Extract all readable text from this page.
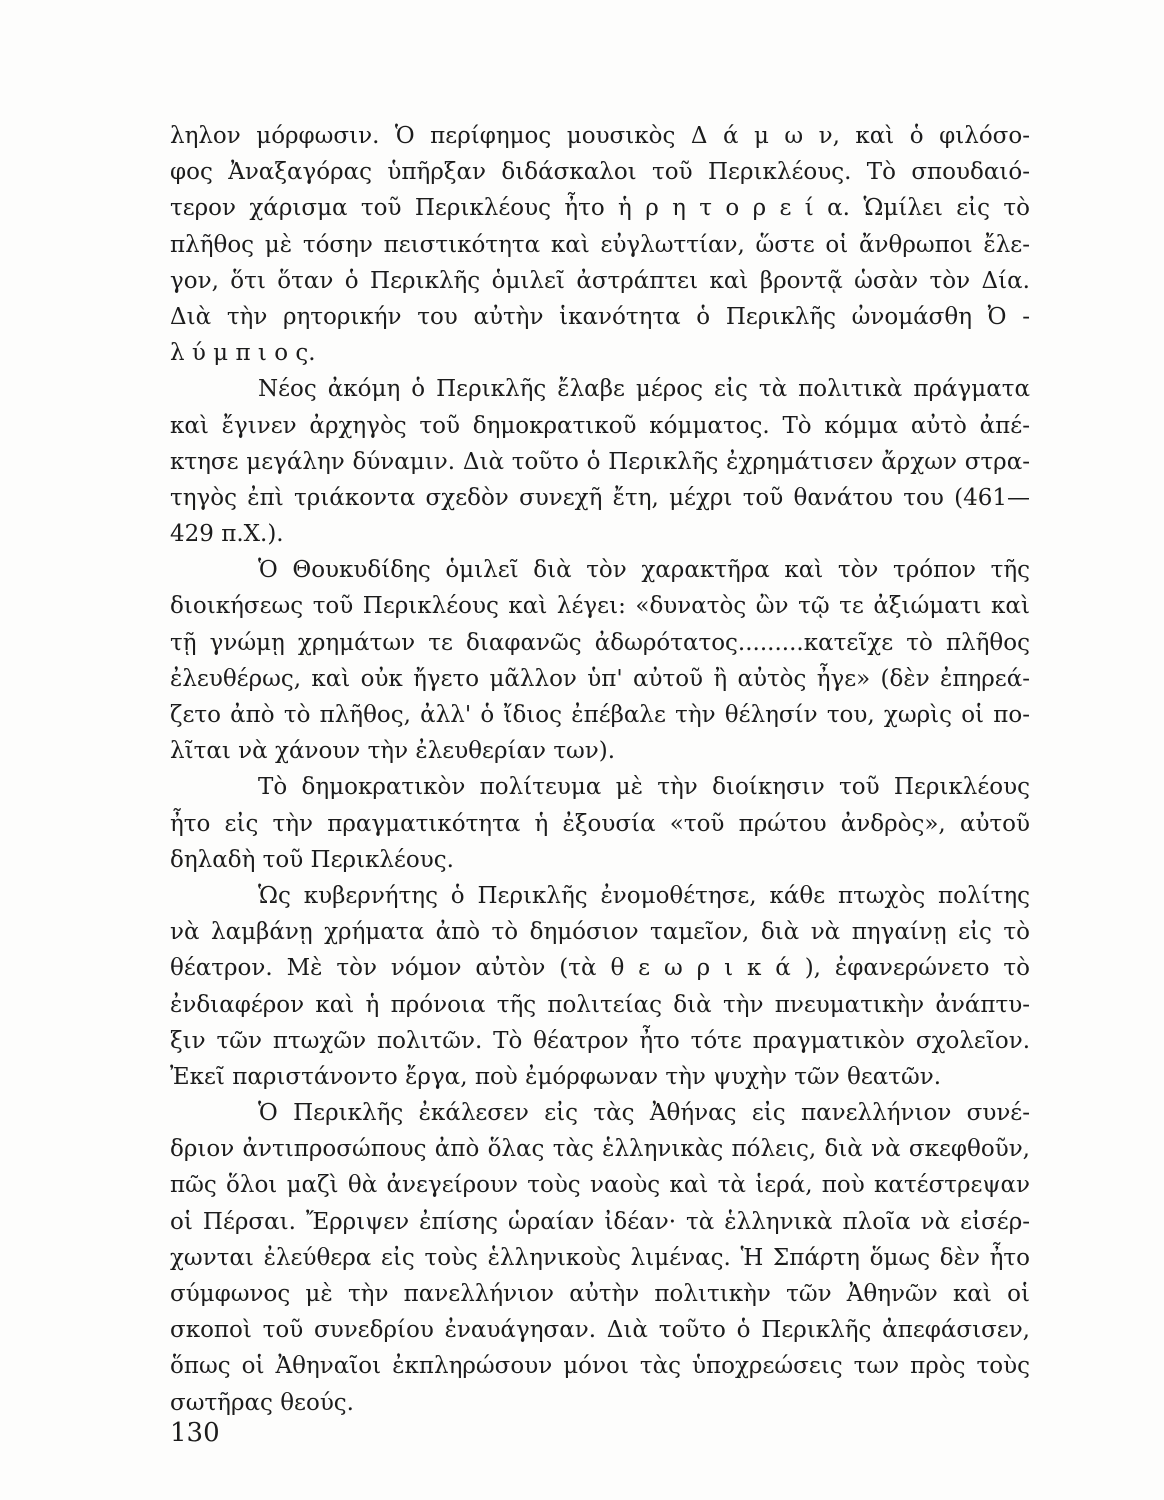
ληλον μόρφωσιν. Ὁ περίφημος μουσικὸς Δ ά μ ω ν, καὶ ὁ φιλόσο-
φος Ἀναξαγόρας ὑπῆρξαν διδάσκαλοι τοῦ Περικλέους. Τὸ σπουδαιό-
τερον χάρισμα τοῦ Περικλέους ἦτο ἡ ρ η τ ο ρ ε ί α. Ὡμίλει εἰς τὸ
πλῆθος μὲ τόσην πειστικότητα καὶ εὐγλωττίαν, ὥστε οἱ ἄνθρωποι ἔλε-
γον, ὅτι ὅταν ὁ Περικλῆς ὁμιλεῖ ἀστράπτει καὶ βροντᾷ ὡσὰν τὸν Δία.
Διὰ τὴν ρητορικήν του αὐτὴν ἱκανότητα ὁ Περικλῆς ὠνομάσθη Ὀ -
λ ύ μ π ι ο ς.
Νέος ἀκόμη ὁ Περικλῆς ἔλαβε μέρος εἰς τὰ πολιτικὰ πράγματα
καὶ ἔγινεν ἀρχηγὸς τοῦ δημοκρατικοῦ κόμματος. Τὸ κόμμα αὐτὸ ἀπέ-
κτησε μεγάλην δύναμιν. Διὰ τοῦτο ὁ Περικλῆς ἐχρημάτισεν ἄρχων στρα-
τηγὸς ἐπὶ τριάκοντα σχεδὸν συνεχῆ ἔτη, μέχρι τοῦ θανάτου του (461—
429 π.Χ.).
Ὁ Θουκυδίδης ὁμιλεῖ διὰ τὸν χαρακτῆρα καὶ τὸν τρόπον τῆς
διοικήσεως τοῦ Περικλέους καὶ λέγει: «δυνατὸς ὢν τῷ τε ἀξιώματι καὶ
τῇ γνώμῃ χρημάτων τε διαφανῶς ἀδωρότατος.........κατεῖχε τὸ πλῆθος
ἐλευθέρως, καὶ οὐκ ἤγετο μᾶλλον ὑπ' αὐτοῦ ἢ αὐτὸς ἦγε» (δὲν ἐπηρεά-
ζετο ἀπὸ τὸ πλῆθος, ἀλλ' ὁ ἴδιος ἐπέβαλε τὴν θέλησίν του, χωρὶς οἱ πο-
λῖται νὰ χάνουν τὴν ἐλευθερίαν των).
Τὸ δημοκρατικὸν πολίτευμα μὲ τὴν διοίκησιν τοῦ Περικλέους
ἦτο εἰς τὴν πραγματικότητα ἡ ἐξουσία «τοῦ πρώτου ἀνδρὸς», αὐτοῦ
δηλαδὴ τοῦ Περικλέους.
Ὡς κυβερνήτης ὁ Περικλῆς ἐνομοθέτησε, κάθε πτωχὸς πολίτης
νὰ λαμβάνῃ χρήματα ἀπὸ τὸ δημόσιον ταμεῖον, διὰ νὰ πηγαίνῃ εἰς τὸ
θέατρον. Μὲ τὸν νόμον αὐτὸν (τὰ θ ε ω ρ ι κ ά ), ἐφανερώνετο τὸ
ἐνδιαφέρον καὶ ἡ πρόνοια τῆς πολιτείας διὰ τὴν πνευματικὴν ἀνάπτυ-
ξιν τῶν πτωχῶν πολιτῶν. Τὸ θέατρον ἦτο τότε πραγματικὸν σχολεῖον.
Ἐκεῖ παριστάνοντο ἔργα, ποὺ ἐμόρφωναν τὴν ψυχὴν τῶν θεατῶν.
Ὁ Περικλῆς ἐκάλεσεν εἰς τὰς Ἀθήνας εἰς πανελλήνιον συνέ-
δριον ἀντιπροσώπους ἀπὸ ὅλας τὰς ἑλληνικὰς πόλεις, διὰ νὰ σκεφθοῦν,
πῶς ὅλοι μαζὶ θὰ ἀνεγείρουν τοὺς ναοὺς καὶ τὰ ἱερά, ποὺ κατέστρεψαν
οἱ Πέρσαι. Ἔρριψεν ἐπίσης ὡραίαν ἰδέαν· τὰ ἑλληνικὰ πλοῖα νὰ εἰσέρ-
χωνται ἐλεύθερα εἰς τοὺς ἑλληνικοὺς λιμένας. Ἡ Σπάρτη ὅμως δὲν ἦτο
σύμφωνος μὲ τὴν πανελλήνιον αὐτὴν πολιτικὴν τῶν Ἀθηνῶν καὶ οἱ
σκοποὶ τοῦ συνεδρίου ἐναυάγησαν. Διὰ τοῦτο ὁ Περικλῆς ἀπεφάσισεν,
ὅπως οἱ Ἀθηναῖοι ἐκπληρώσουν μόνοι τὰς ὑποχρεώσεις των πρὸς τοὺς
σωτῆρας θεούς.
130
